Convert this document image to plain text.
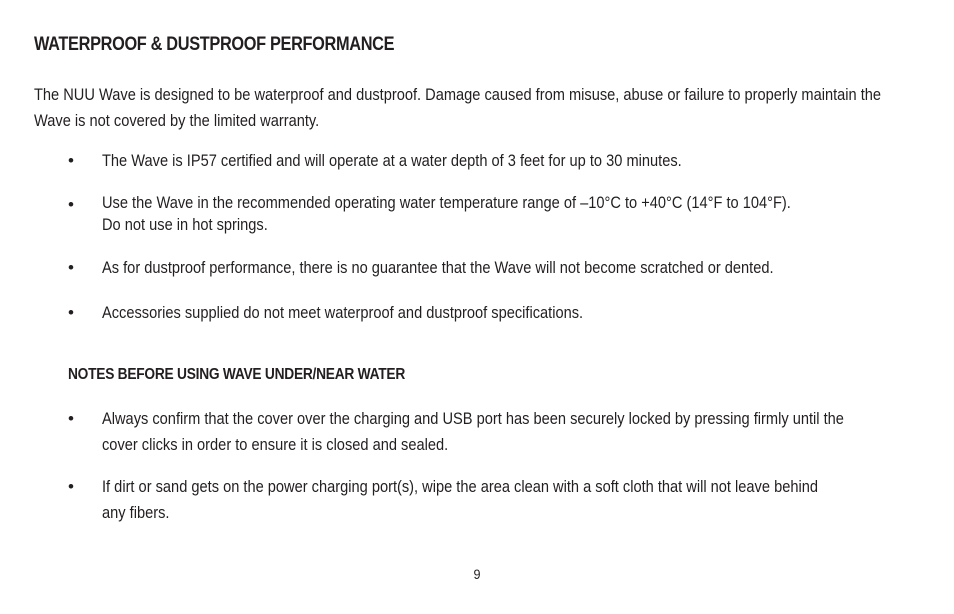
WATERPROOF & DUSTPROOF PERFORMANCE
The NUU Wave is designed to be waterproof and dustproof. Damage caused from misuse, abuse or failure to properly maintain the Wave is not covered by the limited warranty.
• The Wave is IP57 certified and will operate at a water depth of 3 feet for up to 30 minutes.
• Use the Wave in the recommended operating water temperature range of –10°C to +40°C (14°F to 104°F).
Do not use in hot springs.
• As for dustproof performance, there is no guarantee that the Wave will not become scratched or dented.
• Accessories supplied do not meet waterproof and dustproof specifications.
NOTES BEFORE USING WAVE UNDER/NEAR WATER
• Always confirm that the cover over the charging and USB port has been securely locked by pressing firmly until the
cover clicks in order to ensure it is closed and sealed.
• If dirt or sand gets on the power charging port(s), wipe the area clean with a soft cloth that will not leave behind
any fibers.
9
